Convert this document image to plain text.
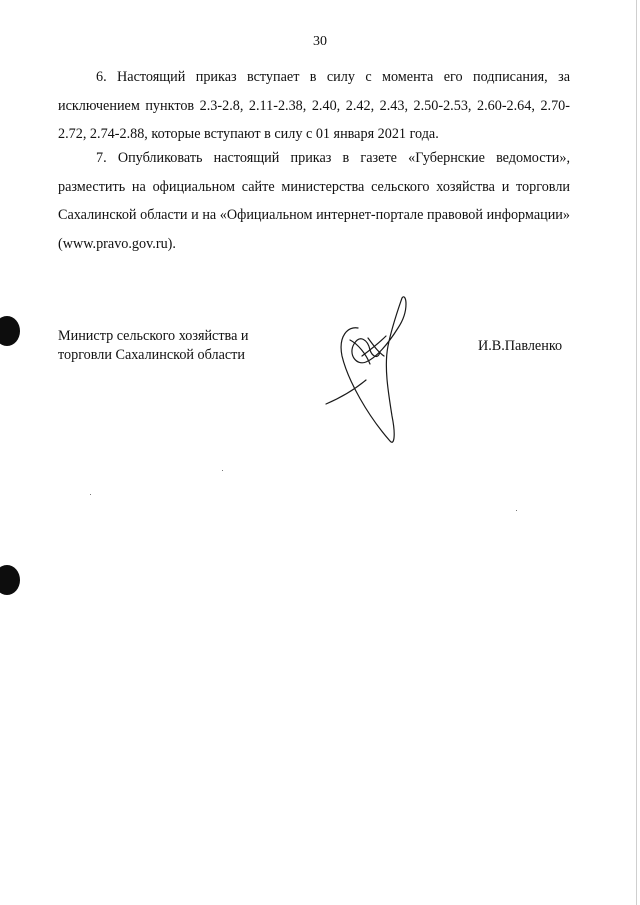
30

6. Настоящий приказ вступает в силу с момента его подписания, за исключением пунктов 2.3-2.8, 2.11-2.38, 2.40, 2.42, 2.43, 2.50-2.53, 2.60-2.64, 2.70-2.72, 2.74-2.88, которые вступают в силу с 01 января 2021 года.

7. Опубликовать настоящий приказ в газете «Губернские ведомости», разместить на официальном сайте министерства сельского хозяйства и торговли Сахалинской области и на «Официальном интернет-портале правовой информации» (www.pravo.gov.ru).

Министр сельского хозяйства и
торговли Сахалинской области
И.В.Павленко
